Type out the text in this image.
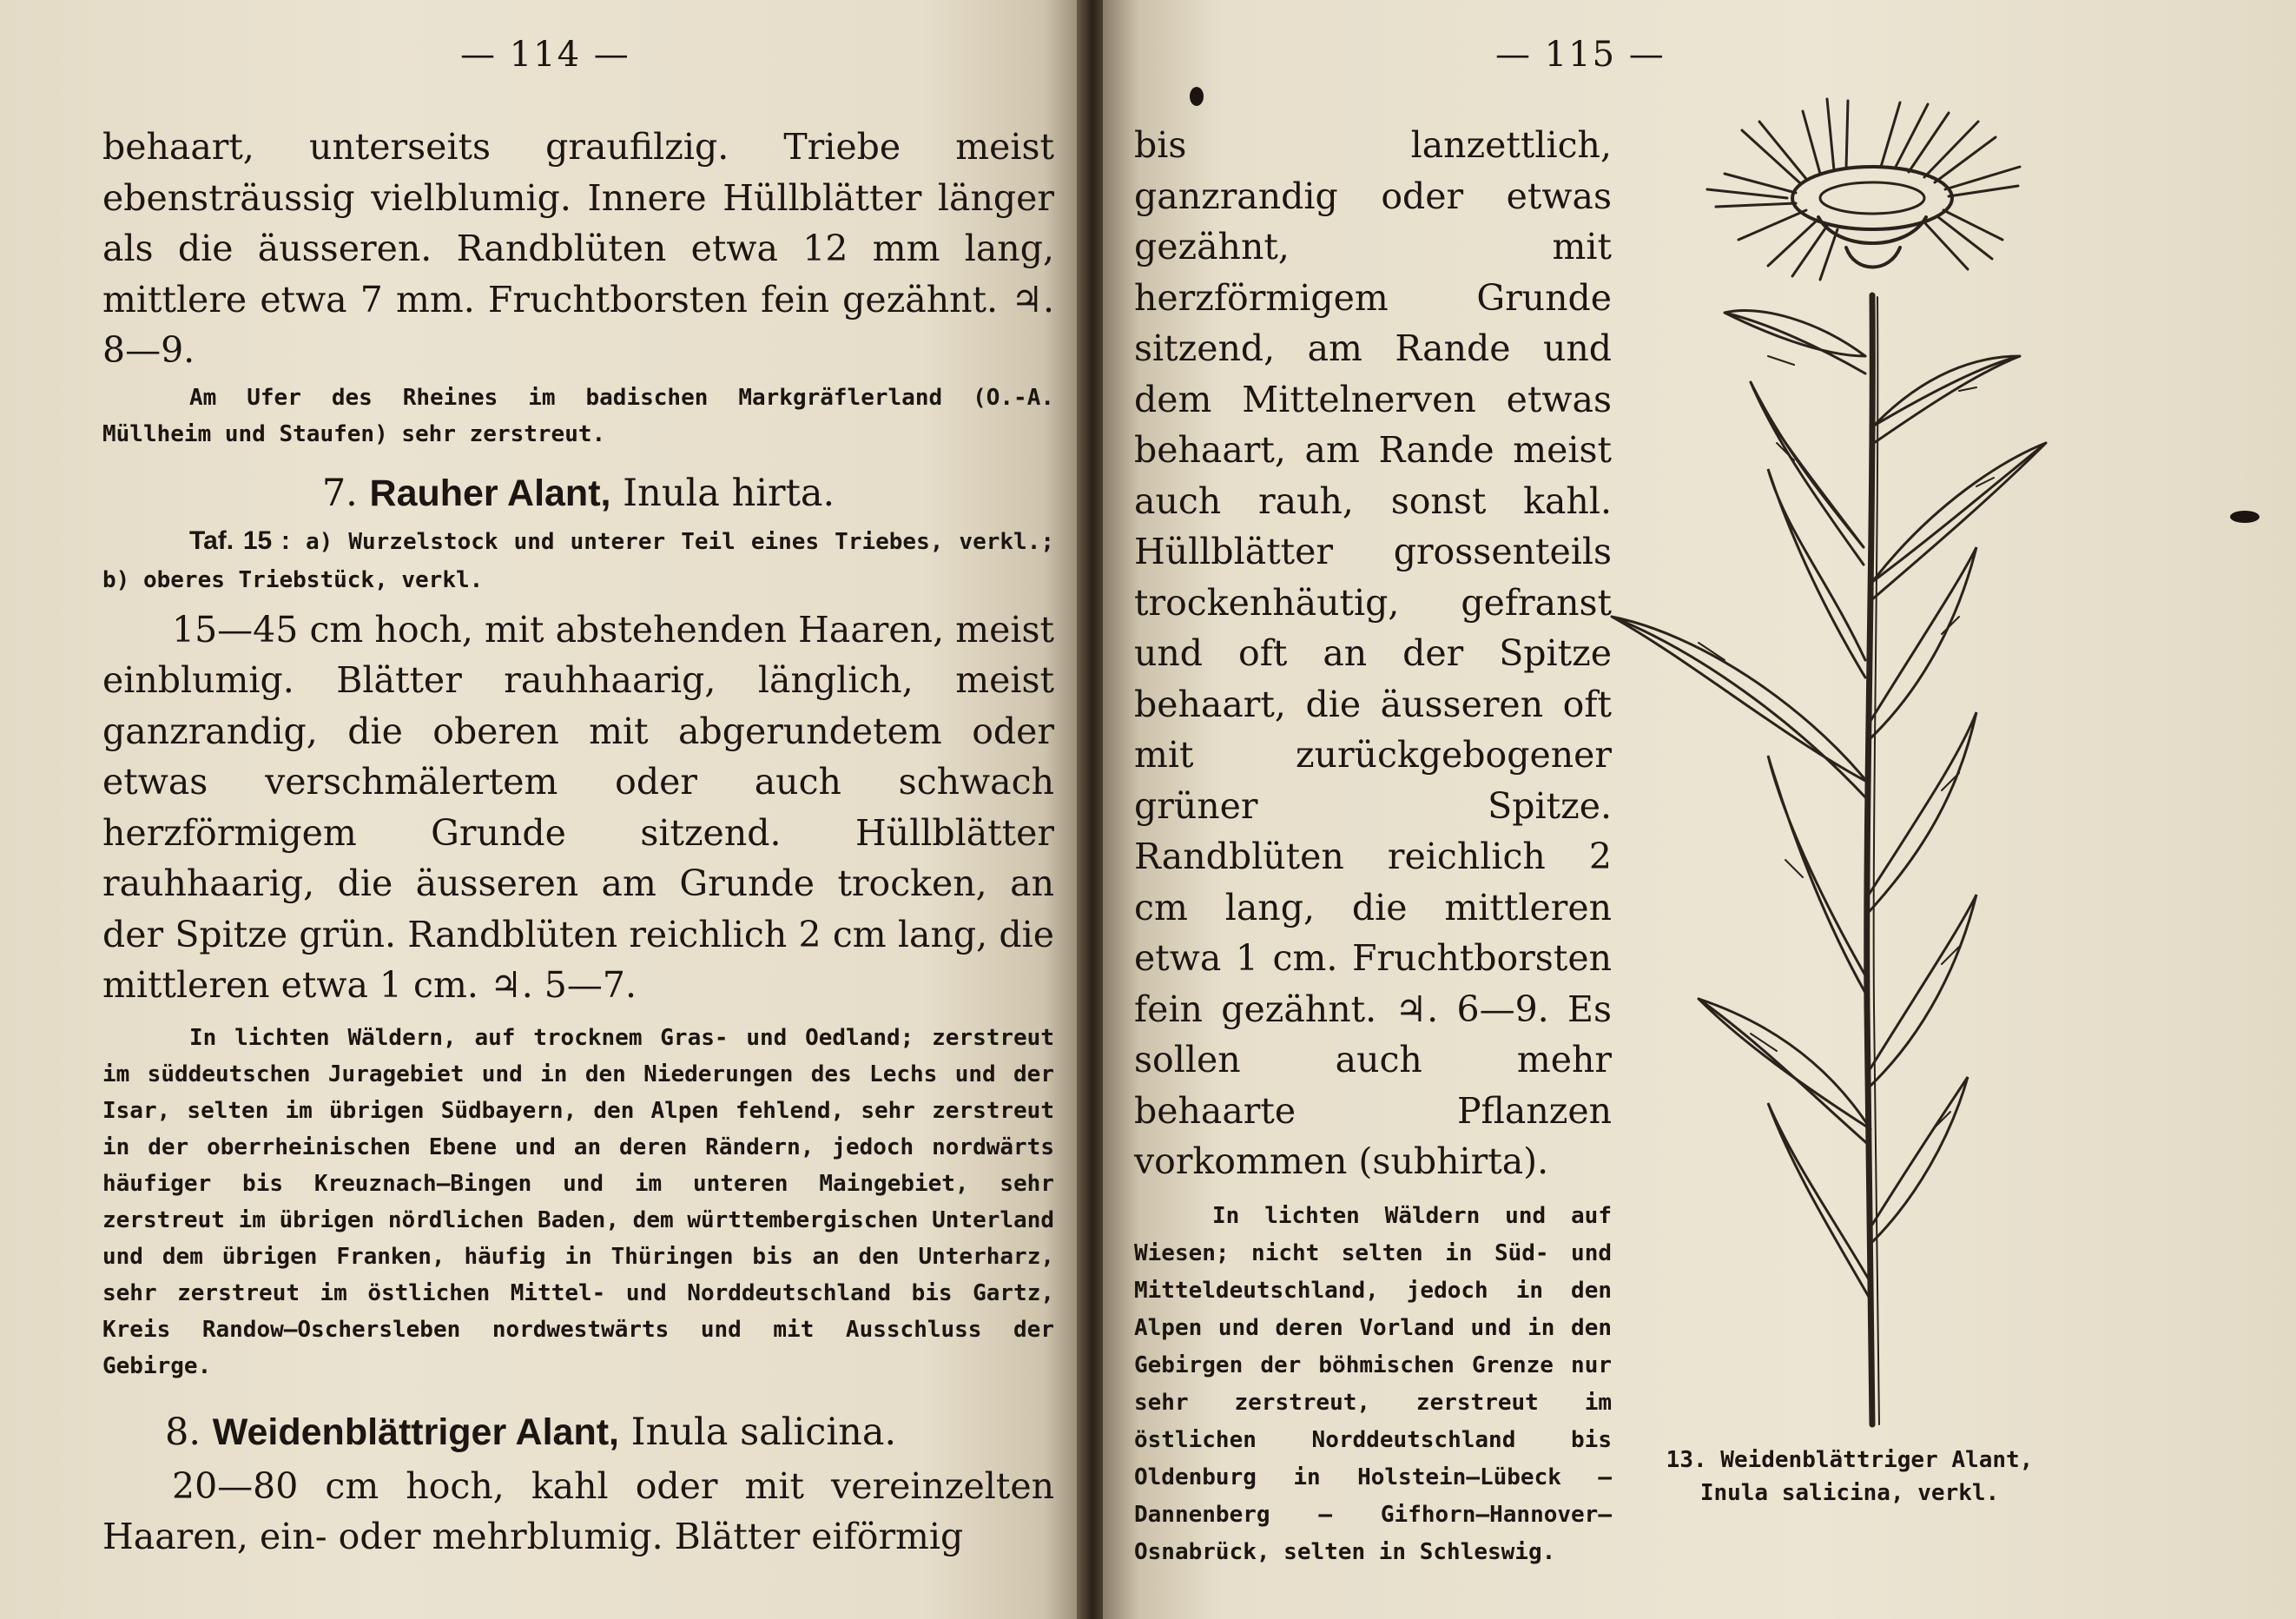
— 114 —

behaart, unterseits graufilzig. Triebe meist ebensträussig vielblumig. Innere Hüllblätter länger als die äusseren. Randblüten etwa 12 mm lang, mittlere etwa 7 mm. Fruchtborsten fein gezähnt. ♃. 8—9.

Am Ufer des Rheines im badischen Markgräflerland (O.-A. Müllheim und Staufen) sehr zerstreut.

7. Rauher Alant, Inula hirta.

Taf. 15 : a) Wurzelstock und unterer Teil eines Triebes, verkl.; b) oberes Triebstück, verkl.

15—45 cm hoch, mit abstehenden Haaren, meist einblumig. Blätter rauhhaarig, länglich, meist ganzrandig, die oberen mit abgerundetem oder etwas verschmälertem oder auch schwach herzförmigem Grunde sitzend. Hüllblätter rauhhaarig, die äusseren am Grunde trocken, an der Spitze grün. Randblüten reichlich 2 cm lang, die mittleren etwa 1 cm. ♃. 5—7.

In lichten Wäldern, auf trocknem Gras- und Oedland; zerstreut im süddeutschen Juragebiet und in den Niederungen des Lechs und der Isar, selten im übrigen Südbayern, den Alpen fehlend, sehr zerstreut in der oberrheinischen Ebene und an deren Rändern, jedoch nordwärts häufiger bis Kreuznach—Bingen und im unteren Maingebiet, sehr zerstreut im übrigen nördlichen Baden, dem württembergischen Unterland und dem übrigen Franken, häufig in Thüringen bis an den Unterharz, sehr zerstreut im östlichen Mittel- und Norddeutschland bis Gartz, Kreis Randow—Oschersleben nordwestwärts und mit Ausschluss der Gebirge.

8. Weidenblättriger Alant, Inula salicina.

20—80 cm hoch, kahl oder mit vereinzelten Haaren, ein- oder mehrblumig. Blätter eiförmig

— 115 —

bis lanzettlich, ganzrandig oder etwas gezähnt, mit herzförmigem Grunde sitzend, am Rande und dem Mittelnerven etwas behaart, am Rande meist auch rauh, sonst kahl. Hüllblätter grossenteils trockenhäutig, gefranst und oft an der Spitze behaart, die äusseren oft mit zurückgebogener grüner Spitze. Randblüten reichlich 2 cm lang, die mittleren etwa 1 cm. Fruchtborsten fein gezähnt. ♃. 6—9. Es sollen auch mehr behaarte Pflanzen vorkommen (subhirta).

In lichten Wäldern und auf Wiesen; nicht selten in Süd- und Mitteldeutschland, jedoch in den Alpen und deren Vorland und in den Gebirgen der böhmischen Grenze nur sehr zerstreut, zerstreut im östlichen Norddeutschland bis Oldenburg in Holstein—Lübeck — Dannenberg — Gifhorn—Hannover—Osnabrück, selten in Schleswig.

13. Weidenblättriger Alant,
Inula salicina, verkl.
